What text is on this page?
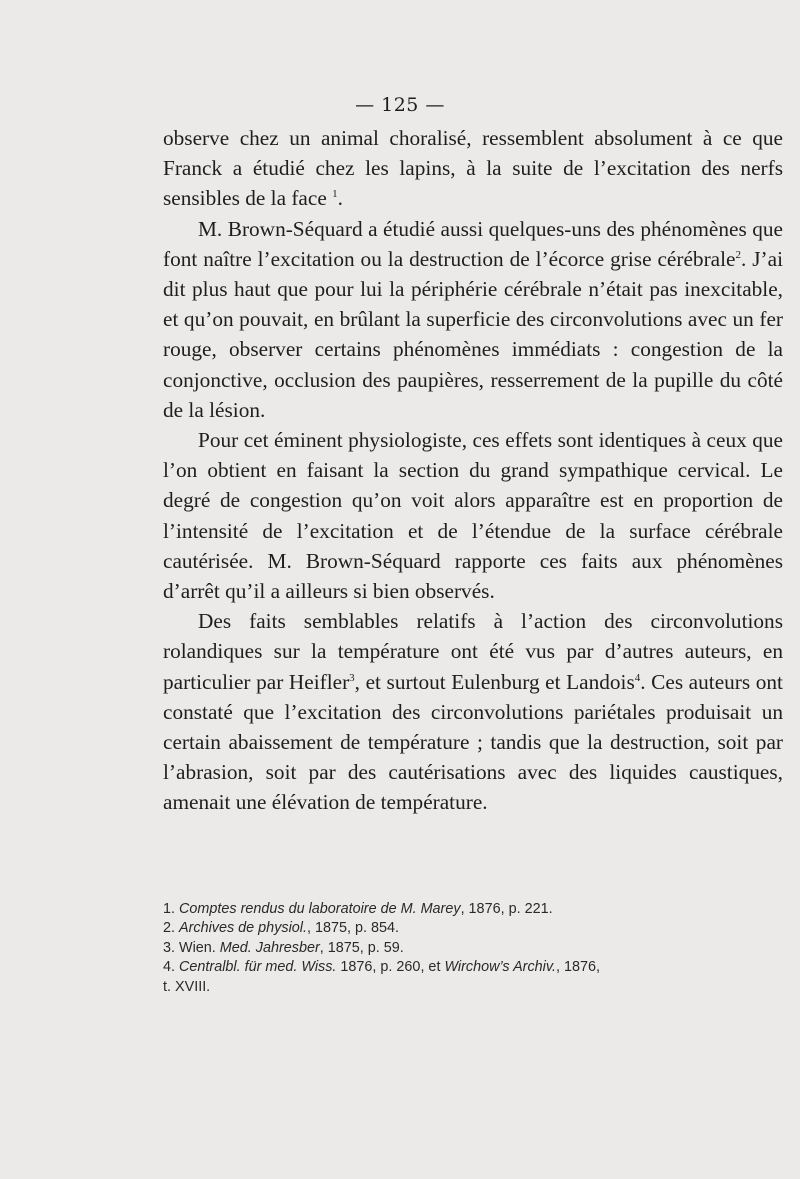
— 125 —

observe chez un animal choralisé, ressemblent absolument à ce que Franck a étudié chez les lapins, à la suite de l’excitation des nerfs sensibles de la face $^1$.

M. Brown-Séquard a étudié aussi quelques-uns des phénomènes que font naître l’excitation ou la destruction de l’écorce grise cérébrale$^2$. J’ai dit plus haut que pour lui la périphérie cérébrale n’était pas inexcitable, et qu’on pouvait, en brûlant la superficie des circonvolutions avec un fer rouge, observer certains phénomènes immédiats : congestion de la conjonctive, occlusion des paupières, resserrement de la pupille du côté de la lésion.

Pour cet éminent physiologiste, ces effets sont identiques à ceux que l’on obtient en faisant la section du grand sympathique cervical. Le degré de congestion qu’on voit alors apparaître est en proportion de l’intensité de l’excitation et de l’étendue de la surface cérébrale cautérisée. M. Brown-Séquard rapporte ces faits aux phénomènes d’arrêt qu’il a ailleurs si bien observés.

Des faits semblables relatifs à l’action des circonvolutions rolandiques sur la température ont été vus par d’autres auteurs, en particulier par Heifler$^3$, et surtout Eulenburg et Landois$^4$. Ces auteurs ont constaté que l’excitation des circonvolutions pariétales produisait un certain abaissement de température ; tandis que la destruction, soit par l’abrasion, soit par des cautérisations avec des liquides caustiques, amenait une élévation de température.

1. Comptes rendus du laboratoire de M. Marey, 1876, p. 221.
2. Archives de physiol., 1875, p. 854.
3. Wien. Med. Jahresber, 1875, p. 59.
4. Centralbl. für med. Wiss. 1876, p. 260, et Wirchow’s Archiv., 1876,
t. XVIII.
